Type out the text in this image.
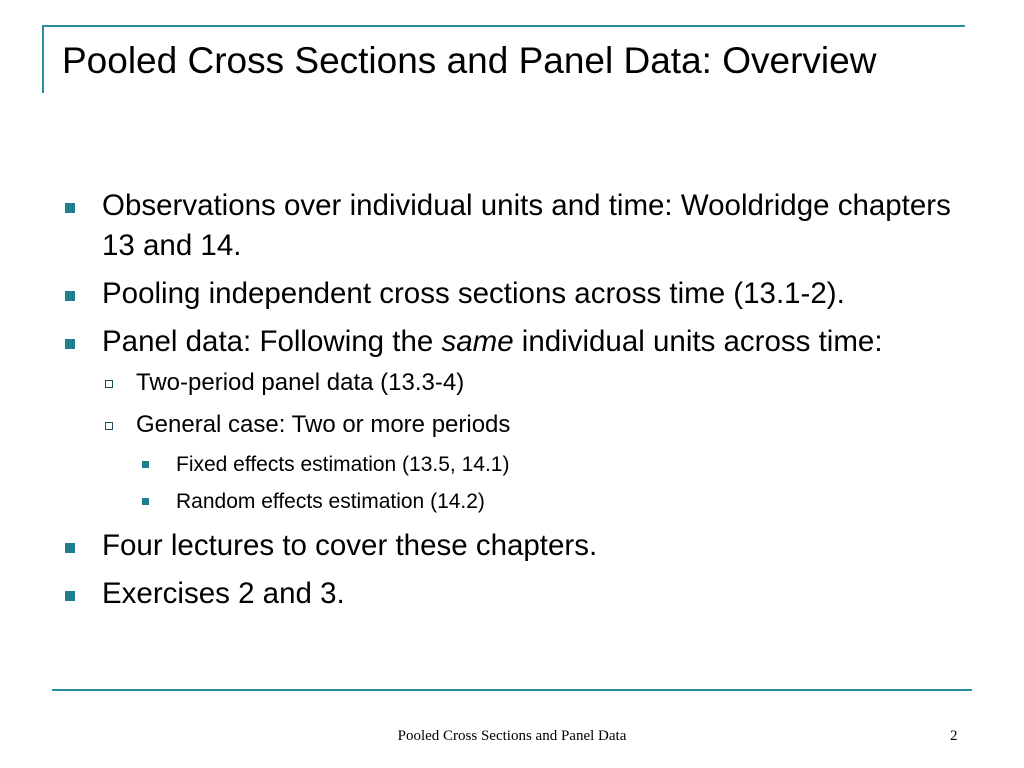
Pooled Cross Sections and Panel Data: Overview
Observations over individual units and time: Wooldridge chapters 13 and 14.
Pooling independent cross sections across time (13.1-2).
Panel data: Following the same individual units across time:
Two-period panel data (13.3-4)
General case: Two or more periods
Fixed effects estimation (13.5, 14.1)
Random effects estimation (14.2)
Four lectures to cover these chapters.
Exercises 2 and 3.
Pooled Cross Sections and Panel Data	2
